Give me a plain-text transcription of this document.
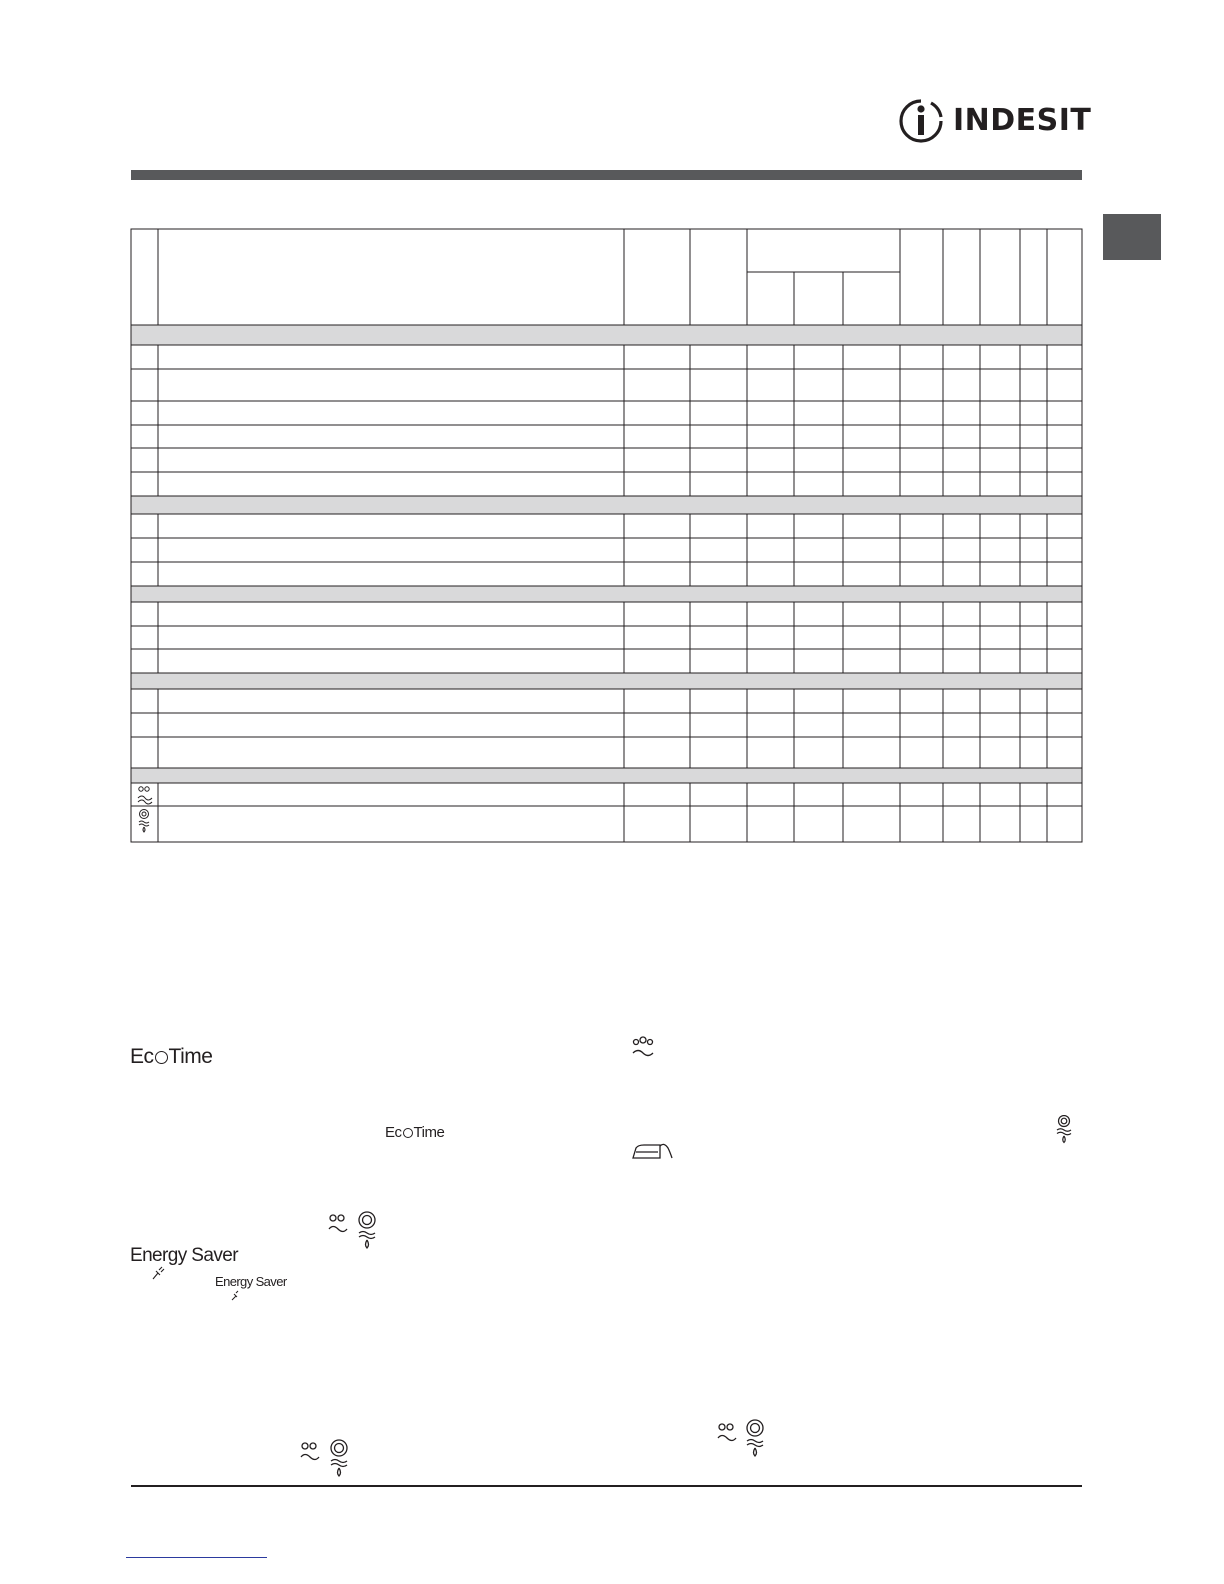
INDESIT
Ec Time
Ec Time
Energy Saver
Energy Saver
